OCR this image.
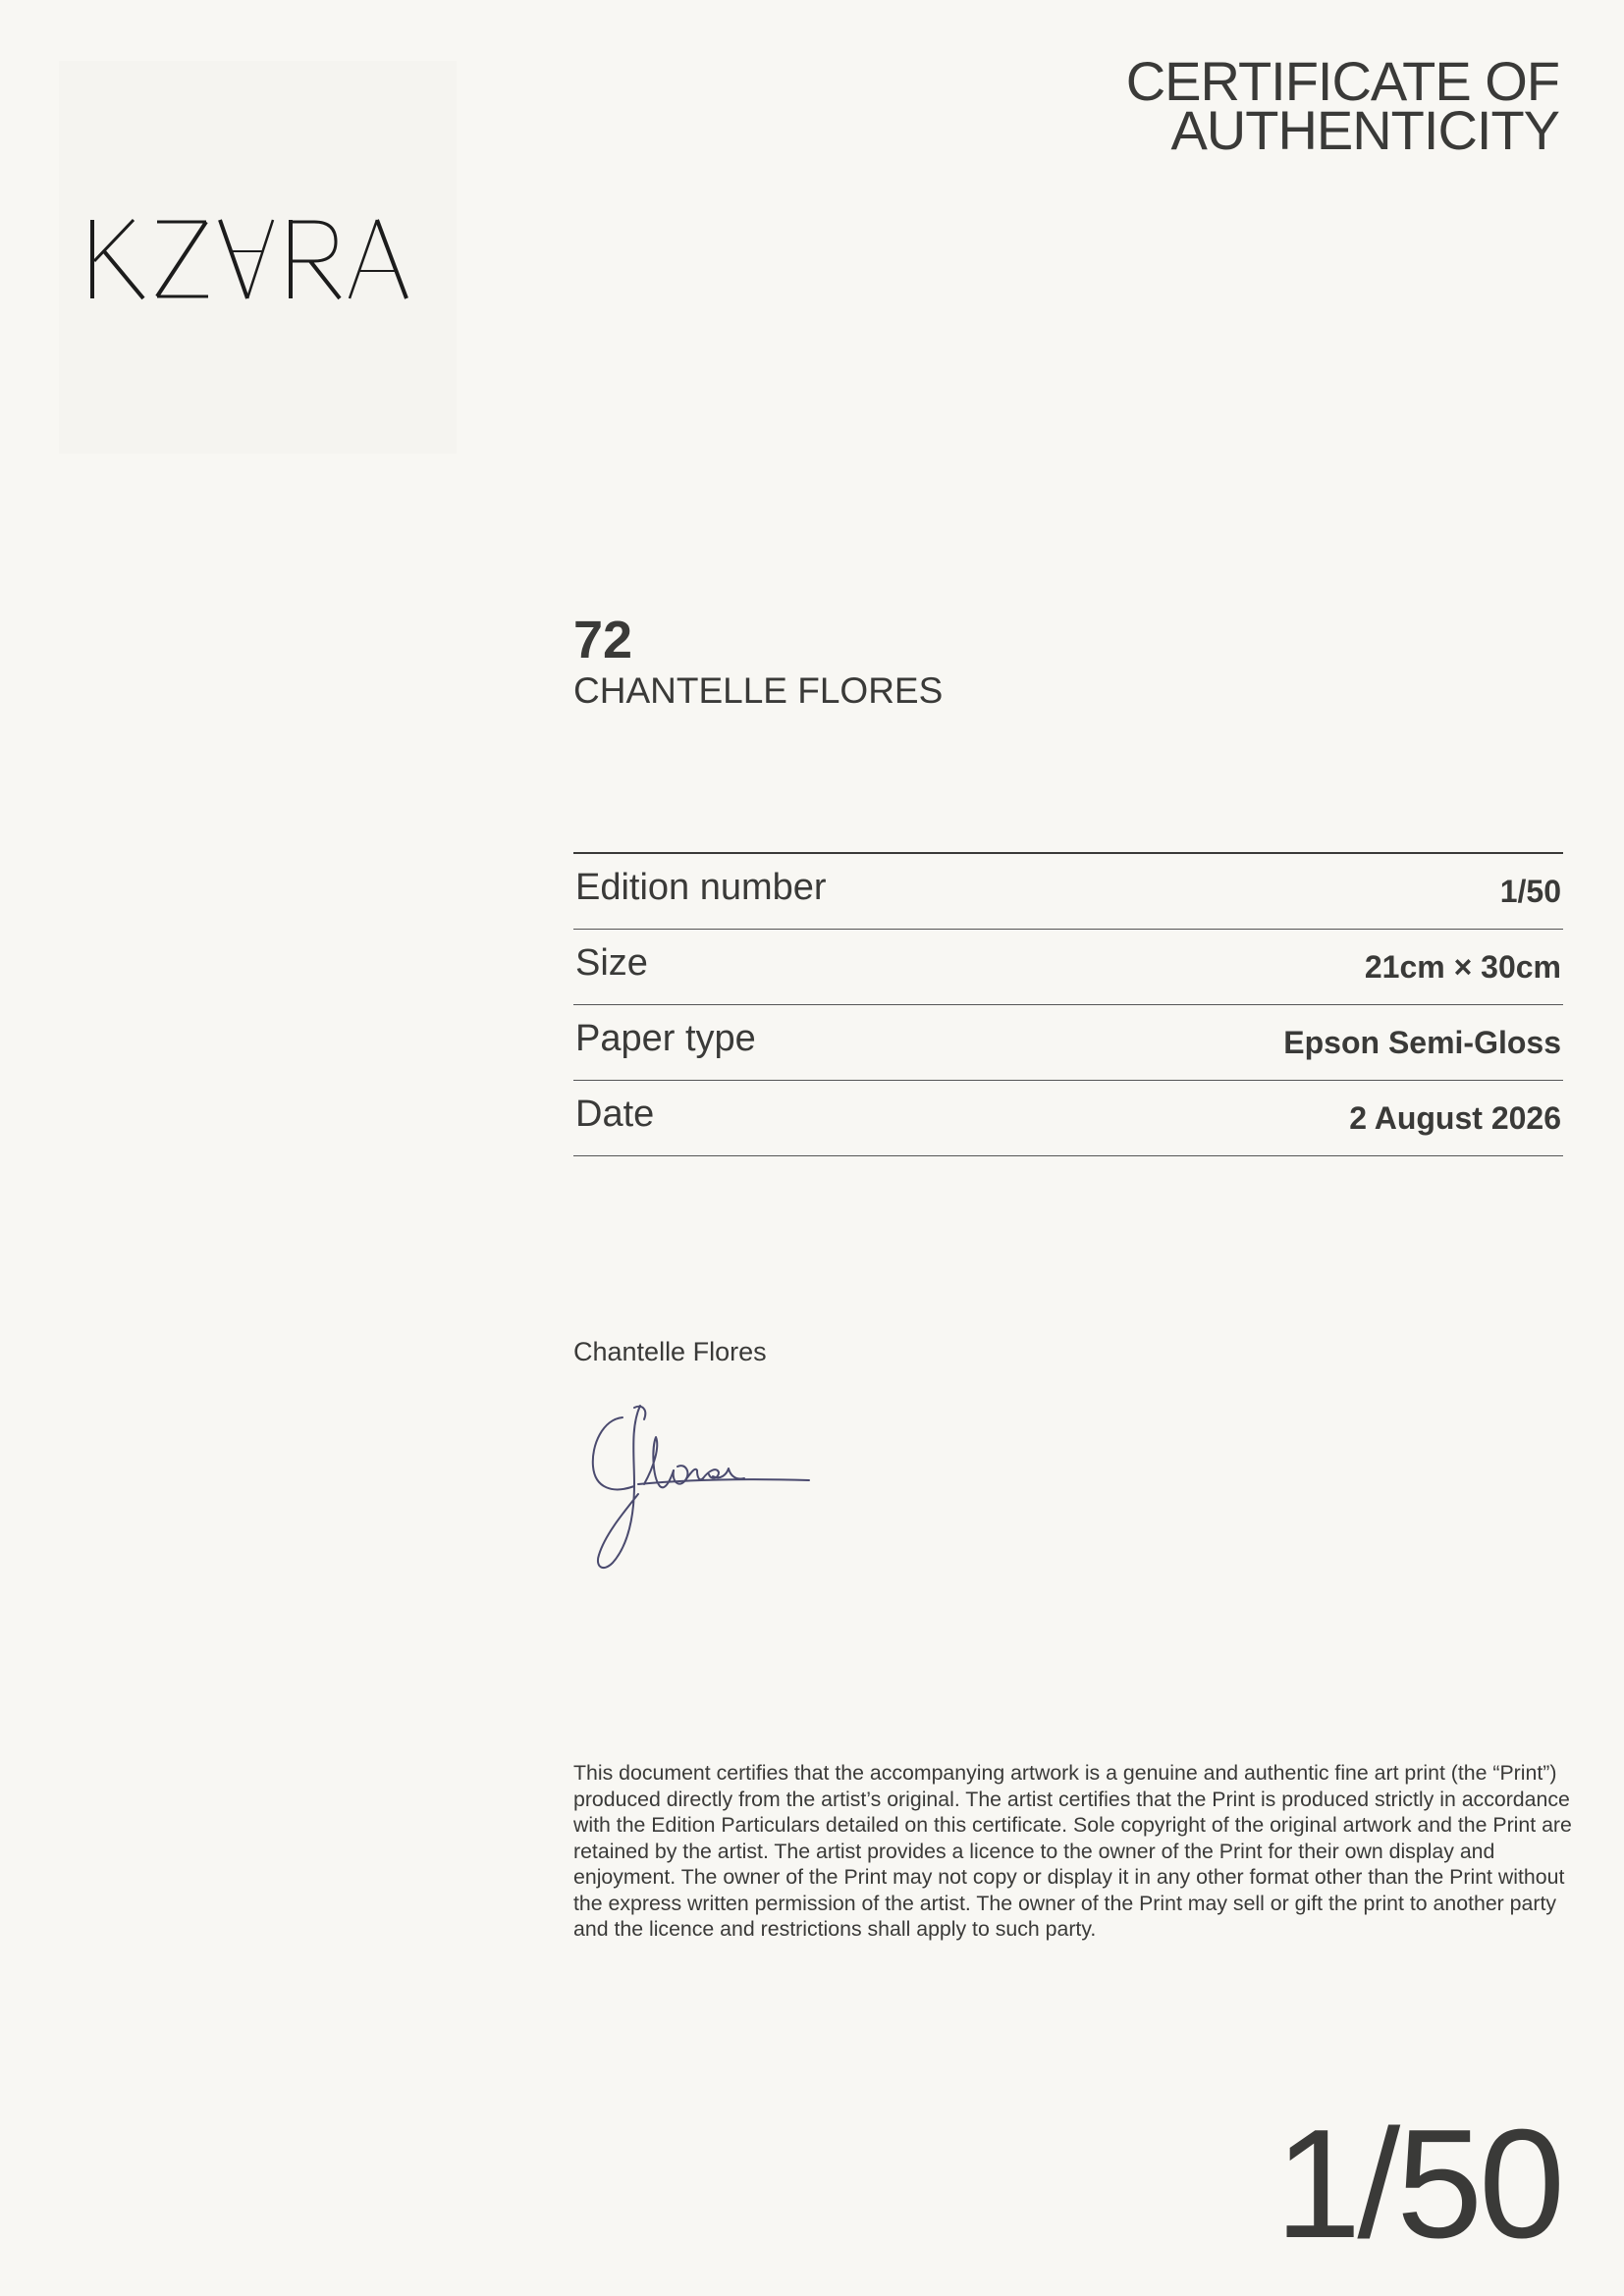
KZARA
CERTIFICATE OF
AUTHENTICITY
72
CHANTELLE FLORES
Edition number	1/50
Size	21cm × 30cm
Paper type	Epson Semi-Gloss
Date	2 August 2026
Chantelle Flores

This document certifies that the accompanying artwork is a genuine and authentic fine art print (the “Print”) produced directly from the artist’s original. The artist certifies that the Print is produced strictly in accordance with the Edition Particulars detailed on this certificate. Sole copyright of the original artwork and the Print are retained by the artist. The artist provides a licence to the owner of the Print for their own display and enjoyment. The owner of the Print may not copy or display it in any other format other than the Print without the express written permission of the artist. The owner of the Print may sell or gift the print to another party and the licence and restrictions shall apply to such party.

1/50
